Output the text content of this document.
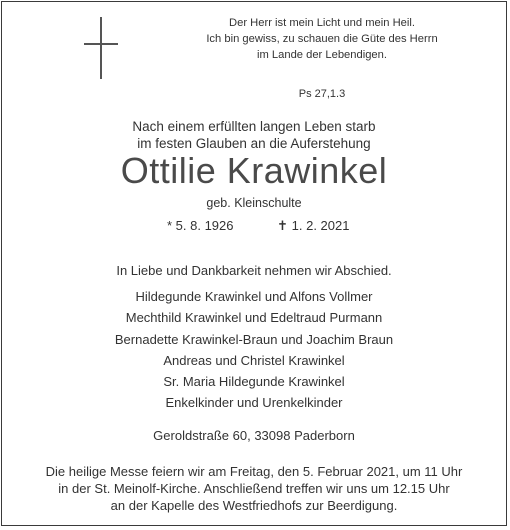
Der Herr ist mein Licht und mein Heil.
Ich bin gewiss, zu schauen die Güte des Herrn
im Lande der Lebendigen.
Ps 27,1.3
Nach einem erfüllten langen Leben starb
im festen Glauben an die Auferstehung
Ottilie Krawinkel
geb. Kleinschulte
* 5. 8. 1926	✝ 1. 2. 2021
In Liebe und Dankbarkeit nehmen wir Abschied.
Hildegunde Krawinkel und Alfons Vollmer
Mechthild Krawinkel und Edeltraud Purmann
Bernadette Krawinkel-Braun und Joachim Braun
Andreas und Christel Krawinkel
Sr. Maria Hildegunde Krawinkel
Enkelkinder und Urenkelkinder
Geroldstraße 60, 33098 Paderborn
Die heilige Messe feiern wir am Freitag, den 5. Februar 2021, um 11 Uhr
in der St. Meinolf-Kirche. Anschließend treffen wir uns um 12.15 Uhr
an der Kapelle des Westfriedhofs zur Beerdigung.
